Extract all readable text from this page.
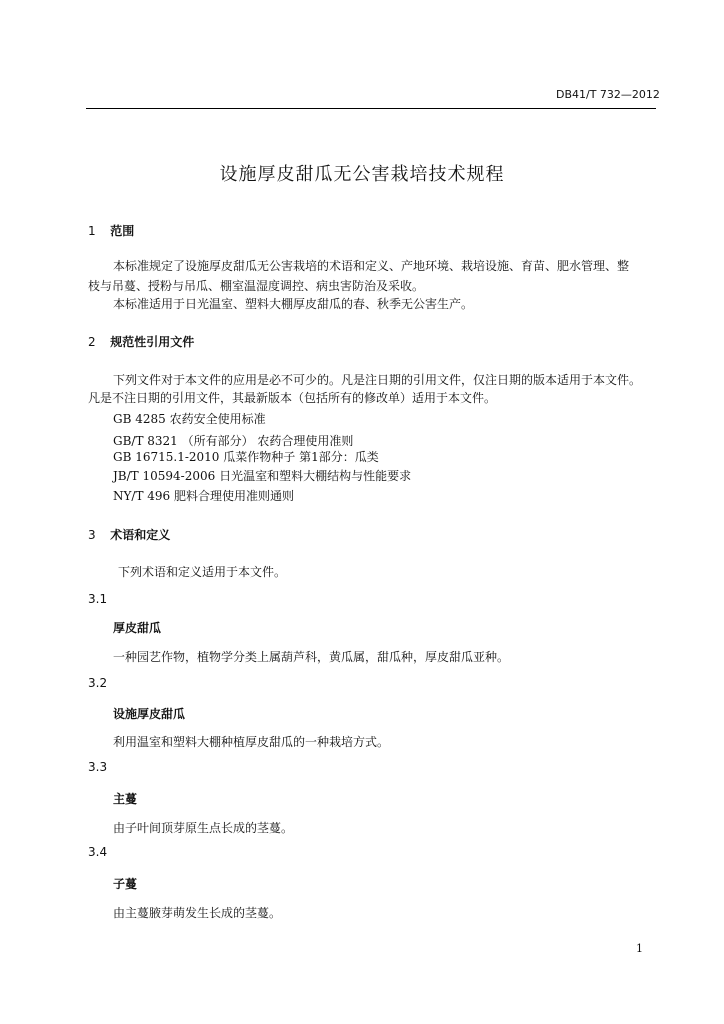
DB41/T 732—2012
设施厚皮甜瓜无公害栽培技术规程
1 范围
本标准规定了设施厚皮甜瓜无公害栽培的术语和定义、产地环境、栽培设施、育苗、肥水管理、整
枝与吊蔓、授粉与吊瓜、棚室温湿度调控、病虫害防治及采收。
本标准适用于日光温室、塑料大棚厚皮甜瓜的春、秋季无公害生产。
2 规范性引用文件
下列文件对于本文件的应用是必不可少的。凡是注日期的引用文件，仅注日期的版本适用于本文件。
凡是不注日期的引用文件，其最新版本（包括所有的修改单）适用于本文件。
GB 4285 农药安全使用标准
GB/T 8321 （所有部分） 农药合理使用准则
GB 16715.1-2010 瓜菜作物种子 第1部分：瓜类
JB/T 10594-2006 日光温室和塑料大棚结构与性能要求
NY/T 496 肥料合理使用准则通则
3 术语和定义
下列术语和定义适用于本文件。
3.1
厚皮甜瓜
一种园艺作物，植物学分类上属葫芦科，黄瓜属，甜瓜种，厚皮甜瓜亚种。
3.2
设施厚皮甜瓜
利用温室和塑料大棚种植厚皮甜瓜的一种栽培方式。
3.3
主蔓
由子叶间顶芽原生点长成的茎蔓。
3.4
子蔓
由主蔓腋芽萌发生长成的茎蔓。
1
